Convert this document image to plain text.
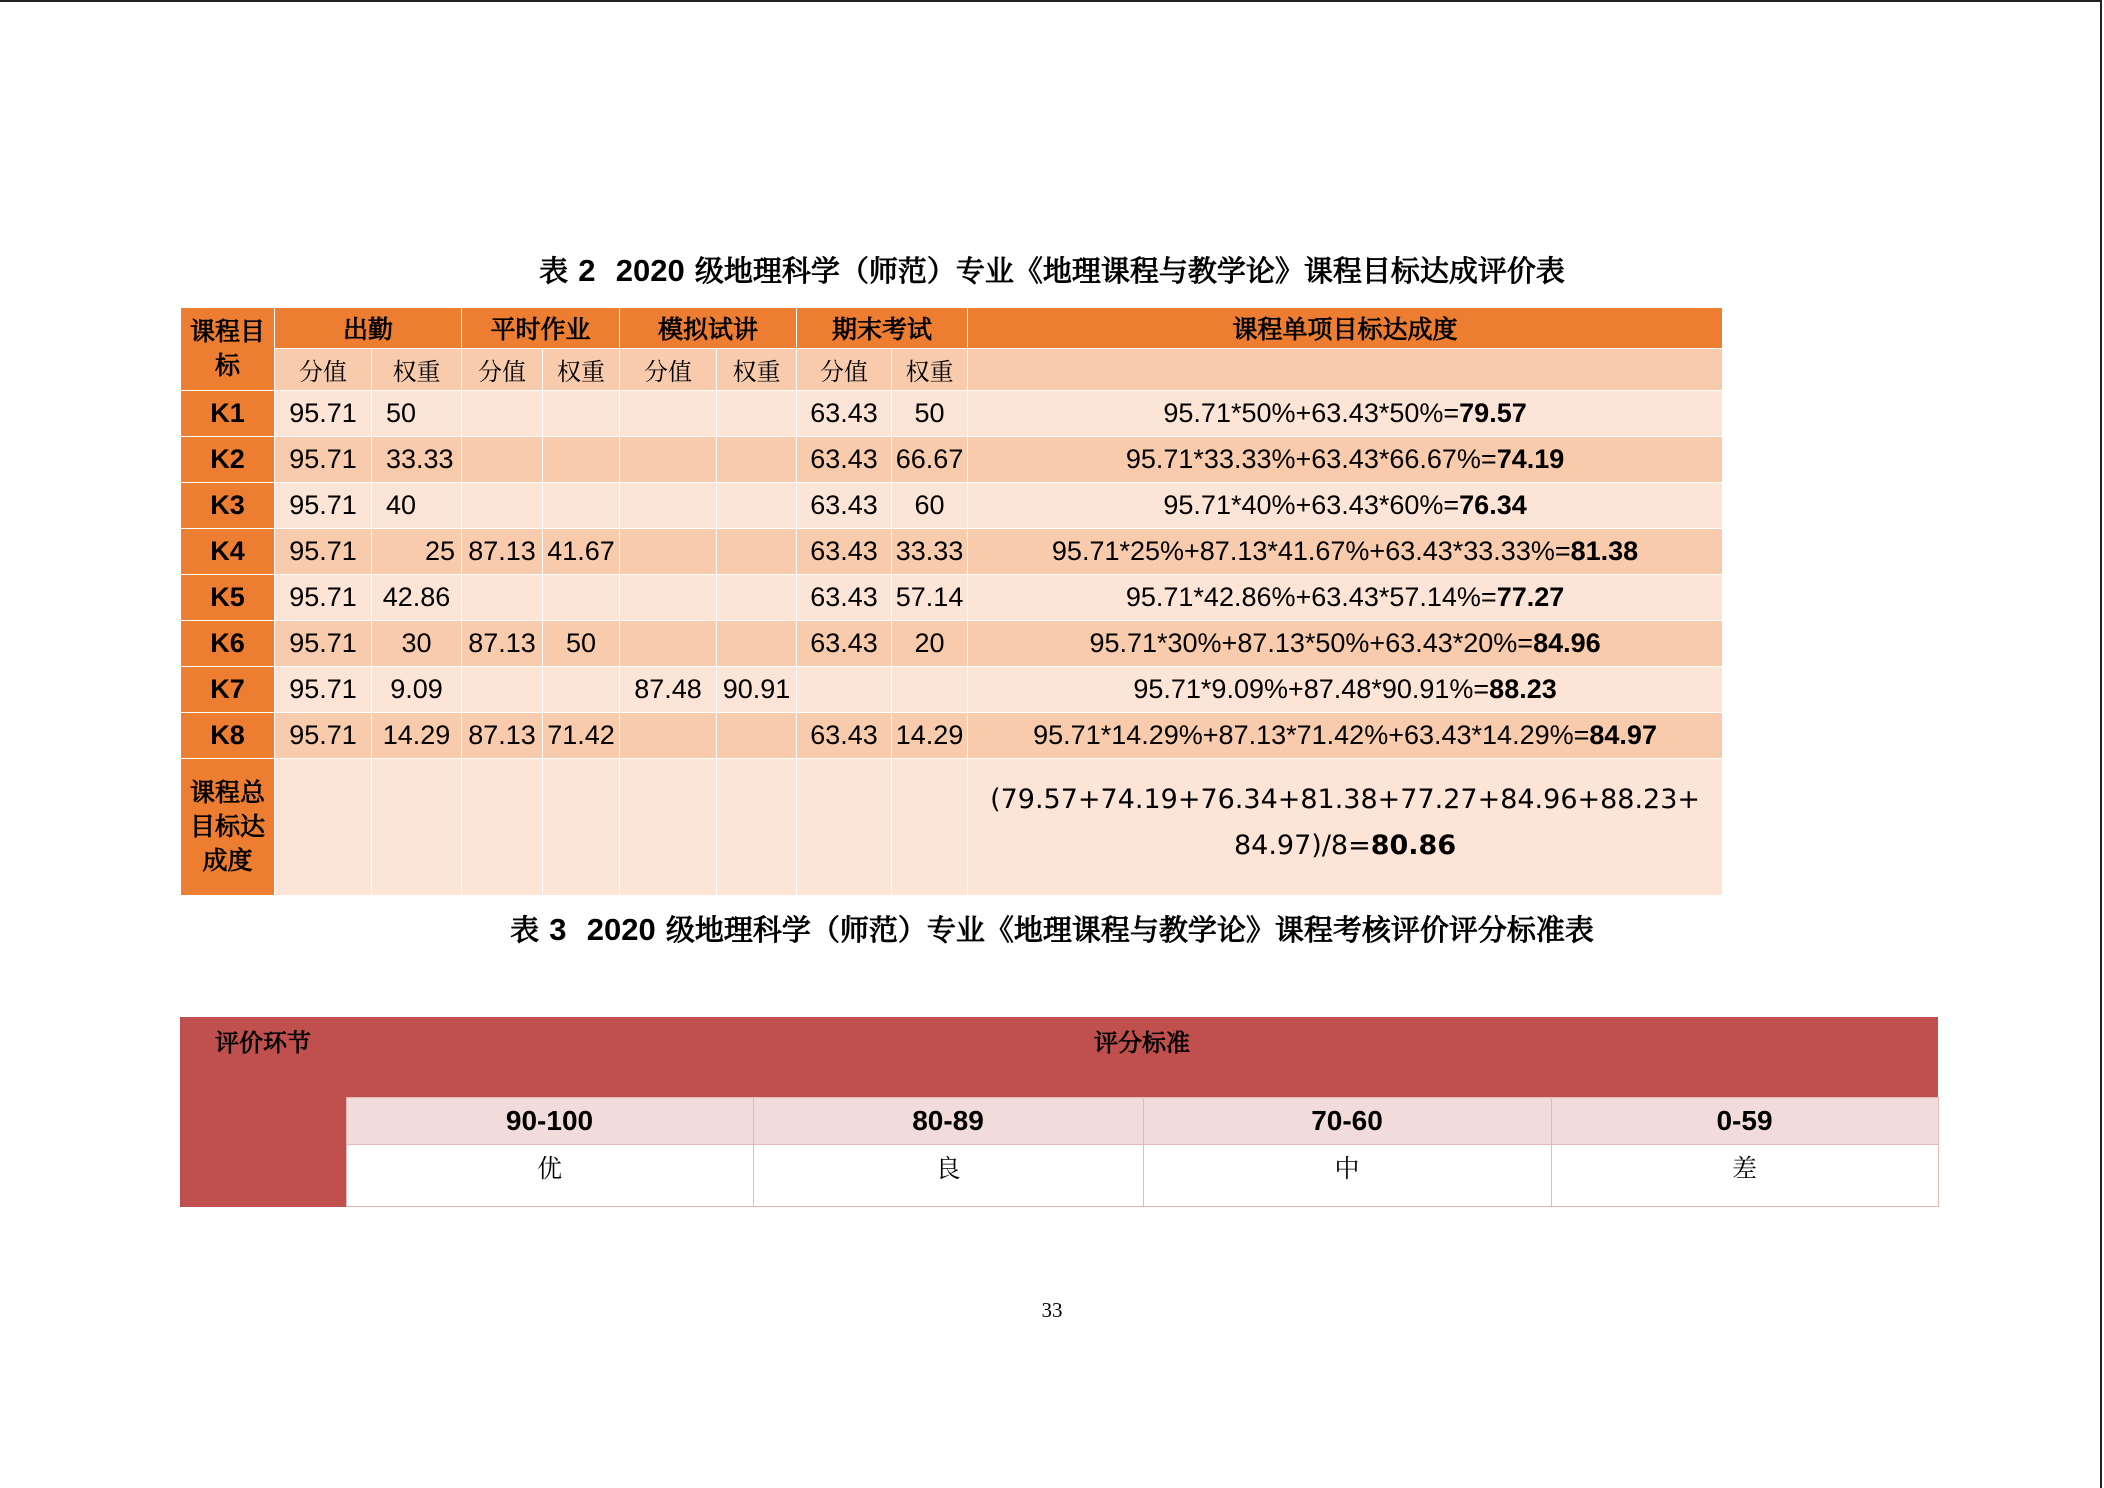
表 2 2020 级地理科学（师范）专业《地理课程与教学论》课程目标达成评价表
课程目标	出勤		平时作业		模拟试讲		期末考试		课程单项目标达成度
	分值	权重	分值	权重	分值	权重	分值	权重	
K1	95.71	50					63.43	50	95.71*50%+63.43*50%=79.57
K2	95.71	33.33					63.43	66.67	95.71*33.33%+63.43*66.67%=74.19
K3	95.71	40					63.43	60	95.71*40%+63.43*60%=76.34
K4	95.71	25	87.13	41.67			63.43	33.33	95.71*25%+87.13*41.67%+63.43*33.33%=81.38
K5	95.71	42.86					63.43	57.14	95.71*42.86%+63.43*57.14%=77.27
K6	95.71	30	87.13	50			63.43	20	95.71*30%+87.13*50%+63.43*20%=84.96
K7	95.71	9.09			87.48	90.91			95.71*9.09%+87.48*90.91%=88.23
K8	95.71	14.29	87.13	71.42			63.43	14.29	95.71*14.29%+87.13*71.42%+63.43*14.29%=84.97
课程总目标达成度									(79.57+74.19+76.34+81.38+77.27+84.96+88.23+
84.97)/8=80.86
表 3 2020 级地理科学（师范）专业《地理课程与教学论》课程考核评价评分标准表
评价环节	评分标准			
	90-100	80-89	70-60	0-59
	优	良	中	差
33
